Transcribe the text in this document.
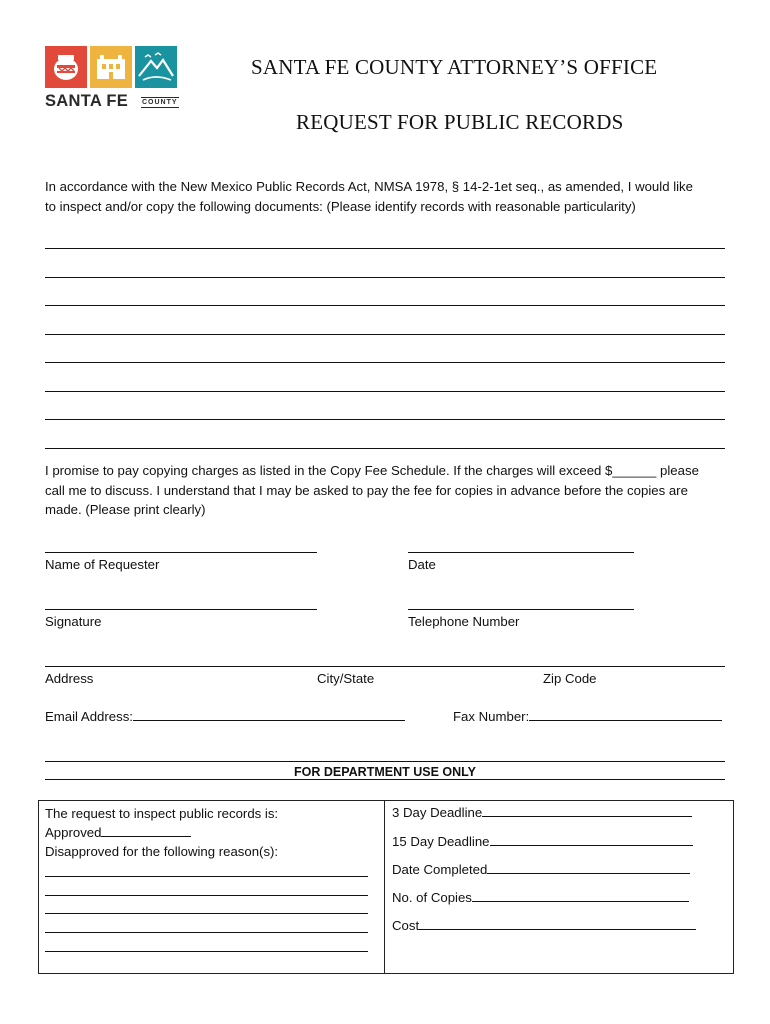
SANTA FE COUNTY
SANTA FE COUNTY ATTORNEY’S OFFICE
REQUEST FOR PUBLIC RECORDS
In accordance with the New Mexico Public Records Act, NMSA 1978, § 14-2-1et seq., as amended, I would like
to inspect and/or copy the following documents: (Please identify records with reasonable particularity)
I promise to pay copying charges as listed in the Copy Fee Schedule. If the charges will exceed $______ please
call me to discuss. I understand that I may be asked to pay the fee for copies in advance before the copies are
made. (Please print clearly)
Name of Requester	Date
Signature	Telephone Number
Address	City/State	Zip Code
Email Address:	Fax Number:
FOR DEPARTMENT USE ONLY
The request to inspect public records is:
Approved
Disapproved for the following reason(s):
3 Day Deadline
15 Day Deadline
Date Completed
No. of Copies
Cost
